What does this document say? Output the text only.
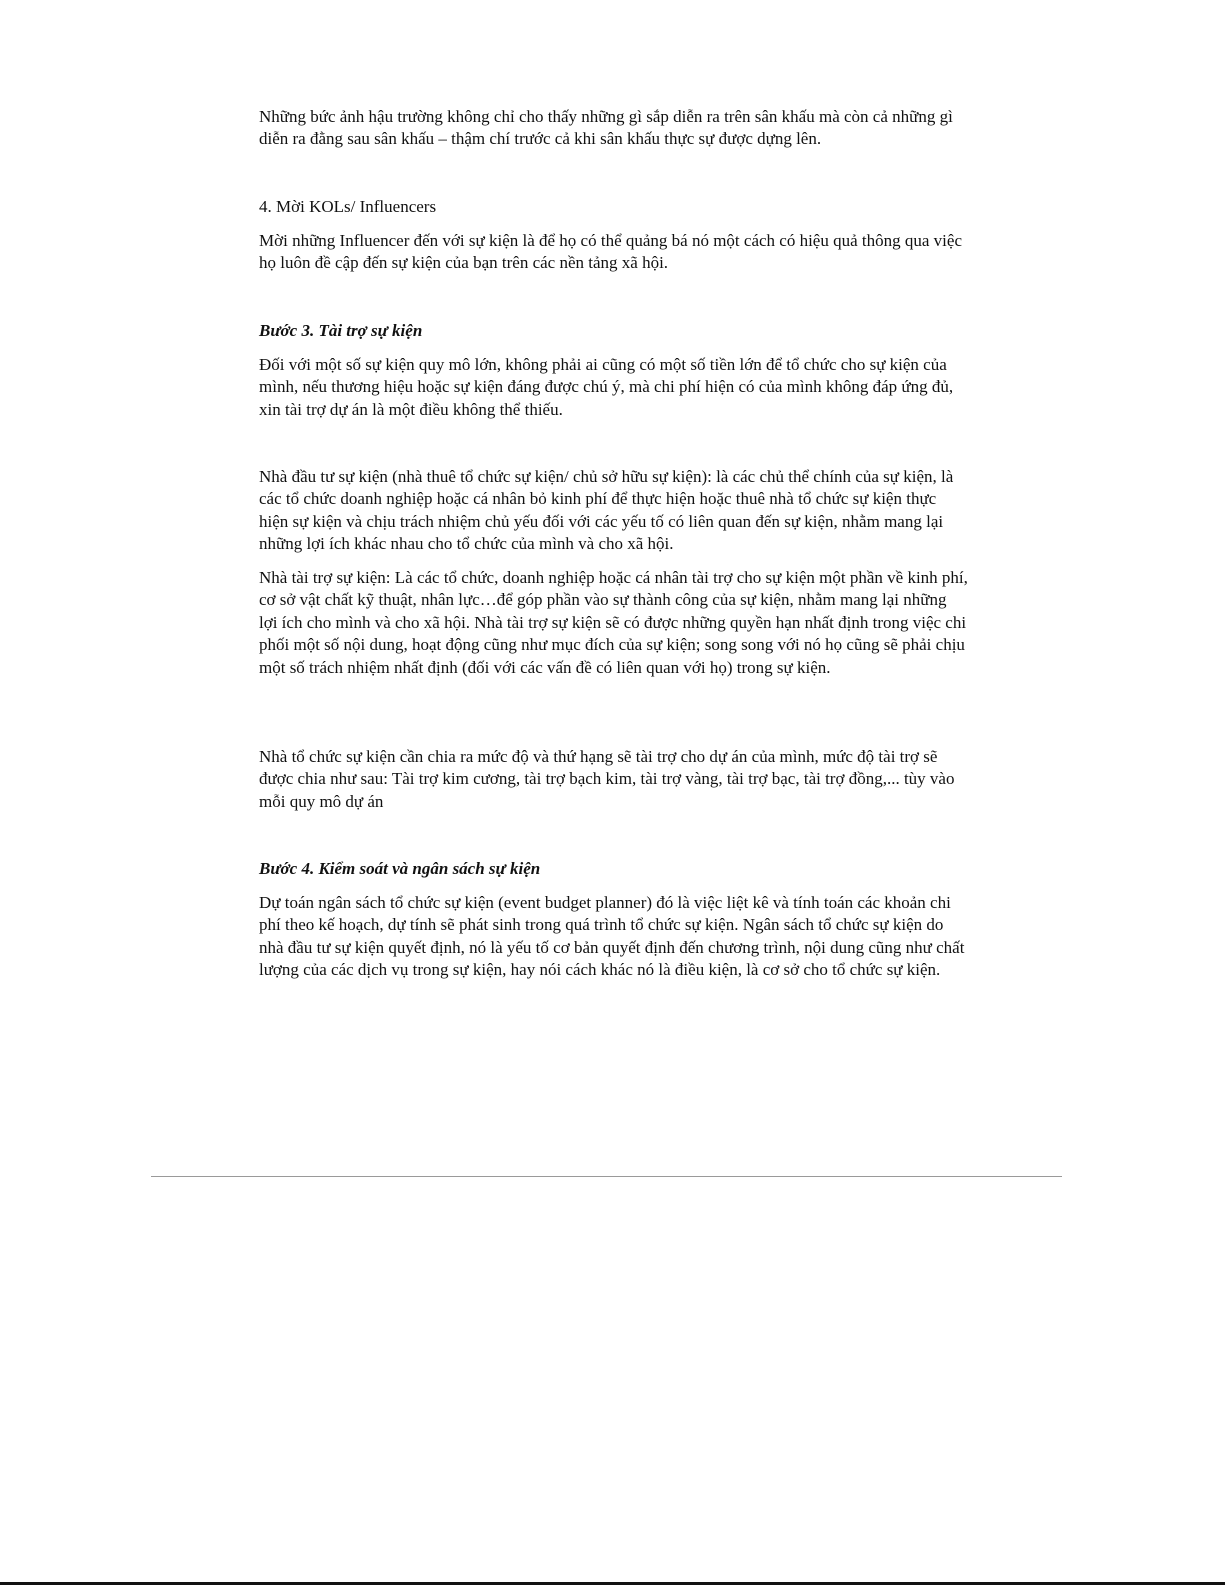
Những bức ảnh hậu trường không chỉ cho thấy những gì sắp diễn ra trên sân khấu mà còn cả những gì diễn ra đằng sau sân khấu – thậm chí trước cả khi sân khấu thực sự được dựng lên.

4. Mời KOLs/ Influencers

Mời những Influencer đến với sự kiện là để họ có thể quảng bá nó một cách có hiệu quả thông qua việc họ luôn đề cập đến sự kiện của bạn trên các nền tảng xã hội.

Bước 3. Tài trợ sự kiện

Đối với một số sự kiện quy mô lớn, không phải ai cũng có một số tiền lớn để tổ chức cho sự kiện của mình, nếu thương hiệu hoặc sự kiện đáng được chú ý, mà chi phí hiện có của mình không đáp ứng đủ, xin tài trợ dự án là một điều không thể thiếu.

Nhà đầu tư sự kiện (nhà thuê tổ chức sự kiện/ chủ sở hữu sự kiện): là các chủ thể chính của sự kiện, là các tổ chức doanh nghiệp hoặc cá nhân bỏ kinh phí để thực hiện hoặc thuê nhà tổ chức sự kiện thực hiện sự kiện và chịu trách nhiệm chủ yếu đối với các yếu tố có liên quan đến sự kiện, nhằm mang lại những lợi ích khác nhau cho tổ chức của mình và cho xã hội.

Nhà tài trợ sự kiện: Là các tổ chức, doanh nghiệp hoặc cá nhân tài trợ cho sự kiện một phần về kinh phí, cơ sở vật chất kỹ thuật, nhân lực…để góp phần vào sự thành công của sự kiện, nhằm mang lại những lợi ích cho mình và cho xã hội. Nhà tài trợ sự kiện sẽ có được những quyền hạn nhất định trong việc chi phối một số nội dung, hoạt động cũng như mục đích của sự kiện; song song với nó họ cũng sẽ phải chịu một số trách nhiệm nhất định (đối với các vấn đề có liên quan với họ) trong sự kiện.

Nhà tổ chức sự kiện cần chia ra mức độ và thứ hạng sẽ tài trợ cho dự án của mình, mức độ tài trợ sẽ được chia như sau: Tài trợ kim cương, tài trợ bạch kim, tài trợ vàng, tài trợ bạc, tài trợ đồng,... tùy vào mỗi quy mô dự án

Bước 4. Kiểm soát và ngân sách sự kiện

Dự toán ngân sách tổ chức sự kiện (event budget planner) đó là việc liệt kê và tính toán các khoản chi phí theo kế hoạch, dự tính sẽ phát sinh trong quá trình tổ chức sự kiện. Ngân sách tổ chức sự kiện do nhà đầu tư sự kiện quyết định, nó là yếu tố cơ bản quyết định đến chương trình, nội dung cũng như chất lượng của các dịch vụ trong sự kiện, hay nói cách khác nó là điều kiện, là cơ sở cho tổ chức sự kiện.
